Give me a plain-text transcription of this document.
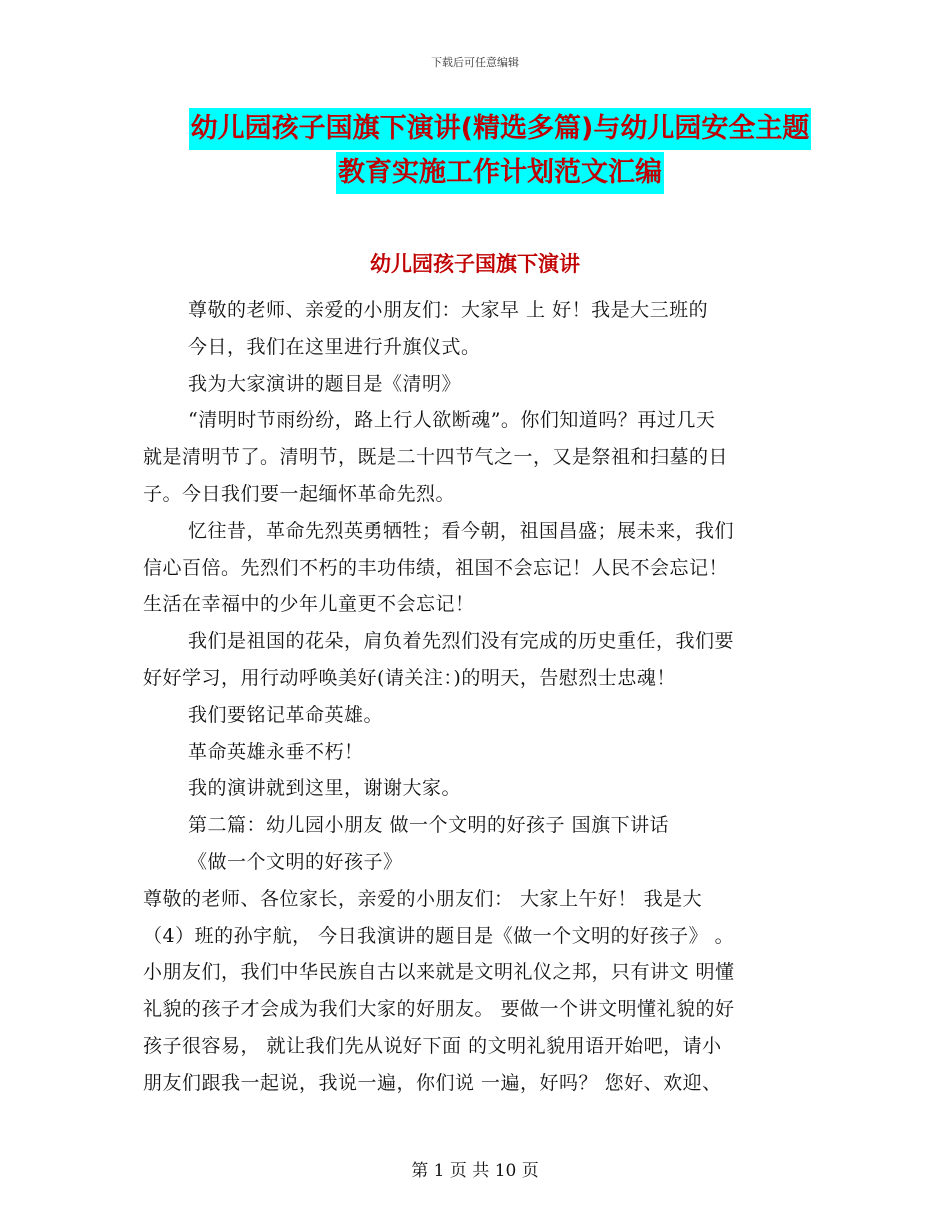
下载后可任意编辑
幼儿园孩子国旗下演讲(精选多篇)与幼儿园安全主题
教育实施工作计划范文汇编
幼儿园孩子国旗下演讲

尊敬的老师、亲爱的小朋友们：大家早 上 好！我是大三班的

今日，我们在这里进行升旗仪式。

我为大家演讲的题目是《清明》

“清明时节雨纷纷，路上行人欲断魂”。你们知道吗？再过几天

就是清明节了。清明节，既是二十四节气之一，又是祭祖和扫墓的日

子。今日我们要一起缅怀革命先烈。

忆往昔，革命先烈英勇牺牲；看今朝，祖国昌盛；展未来，我们

信心百倍。先烈们不朽的丰功伟绩，祖国不会忘记！人民不会忘记！

生活在幸福中的少年儿童更不会忘记！

我们是祖国的花朵，肩负着先烈们没有完成的历史重任，我们要

好好学习，用行动呼唤美好(请关注：)的明天，告慰烈士忠魂！

我们要铭记革命英雄。

革命英雄永垂不朽！

我的演讲就到这里，谢谢大家。

第二篇：幼儿园小朋友 做一个文明的好孩子 国旗下讲话

《做一个文明的好孩子》

尊敬的老师、各位家长，亲爱的小朋友们： 大家上午好！ 我是大

（4）班的孙宇航， 今日我演讲的题目是《做一个文明的好孩子》 。

小朋友们，我们中华民族自古以来就是文明礼仪之邦，只有讲文 明懂

礼貌的孩子才会成为我们大家的好朋友。 要做一个讲文明懂礼貌的好

孩子很容易， 就让我们先从说好下面 的文明礼貌用语开始吧，请小

朋友们跟我一起说，我说一遍，你们说 一遍，好吗？ 您好、欢迎、

第 1 页 共 10 页
